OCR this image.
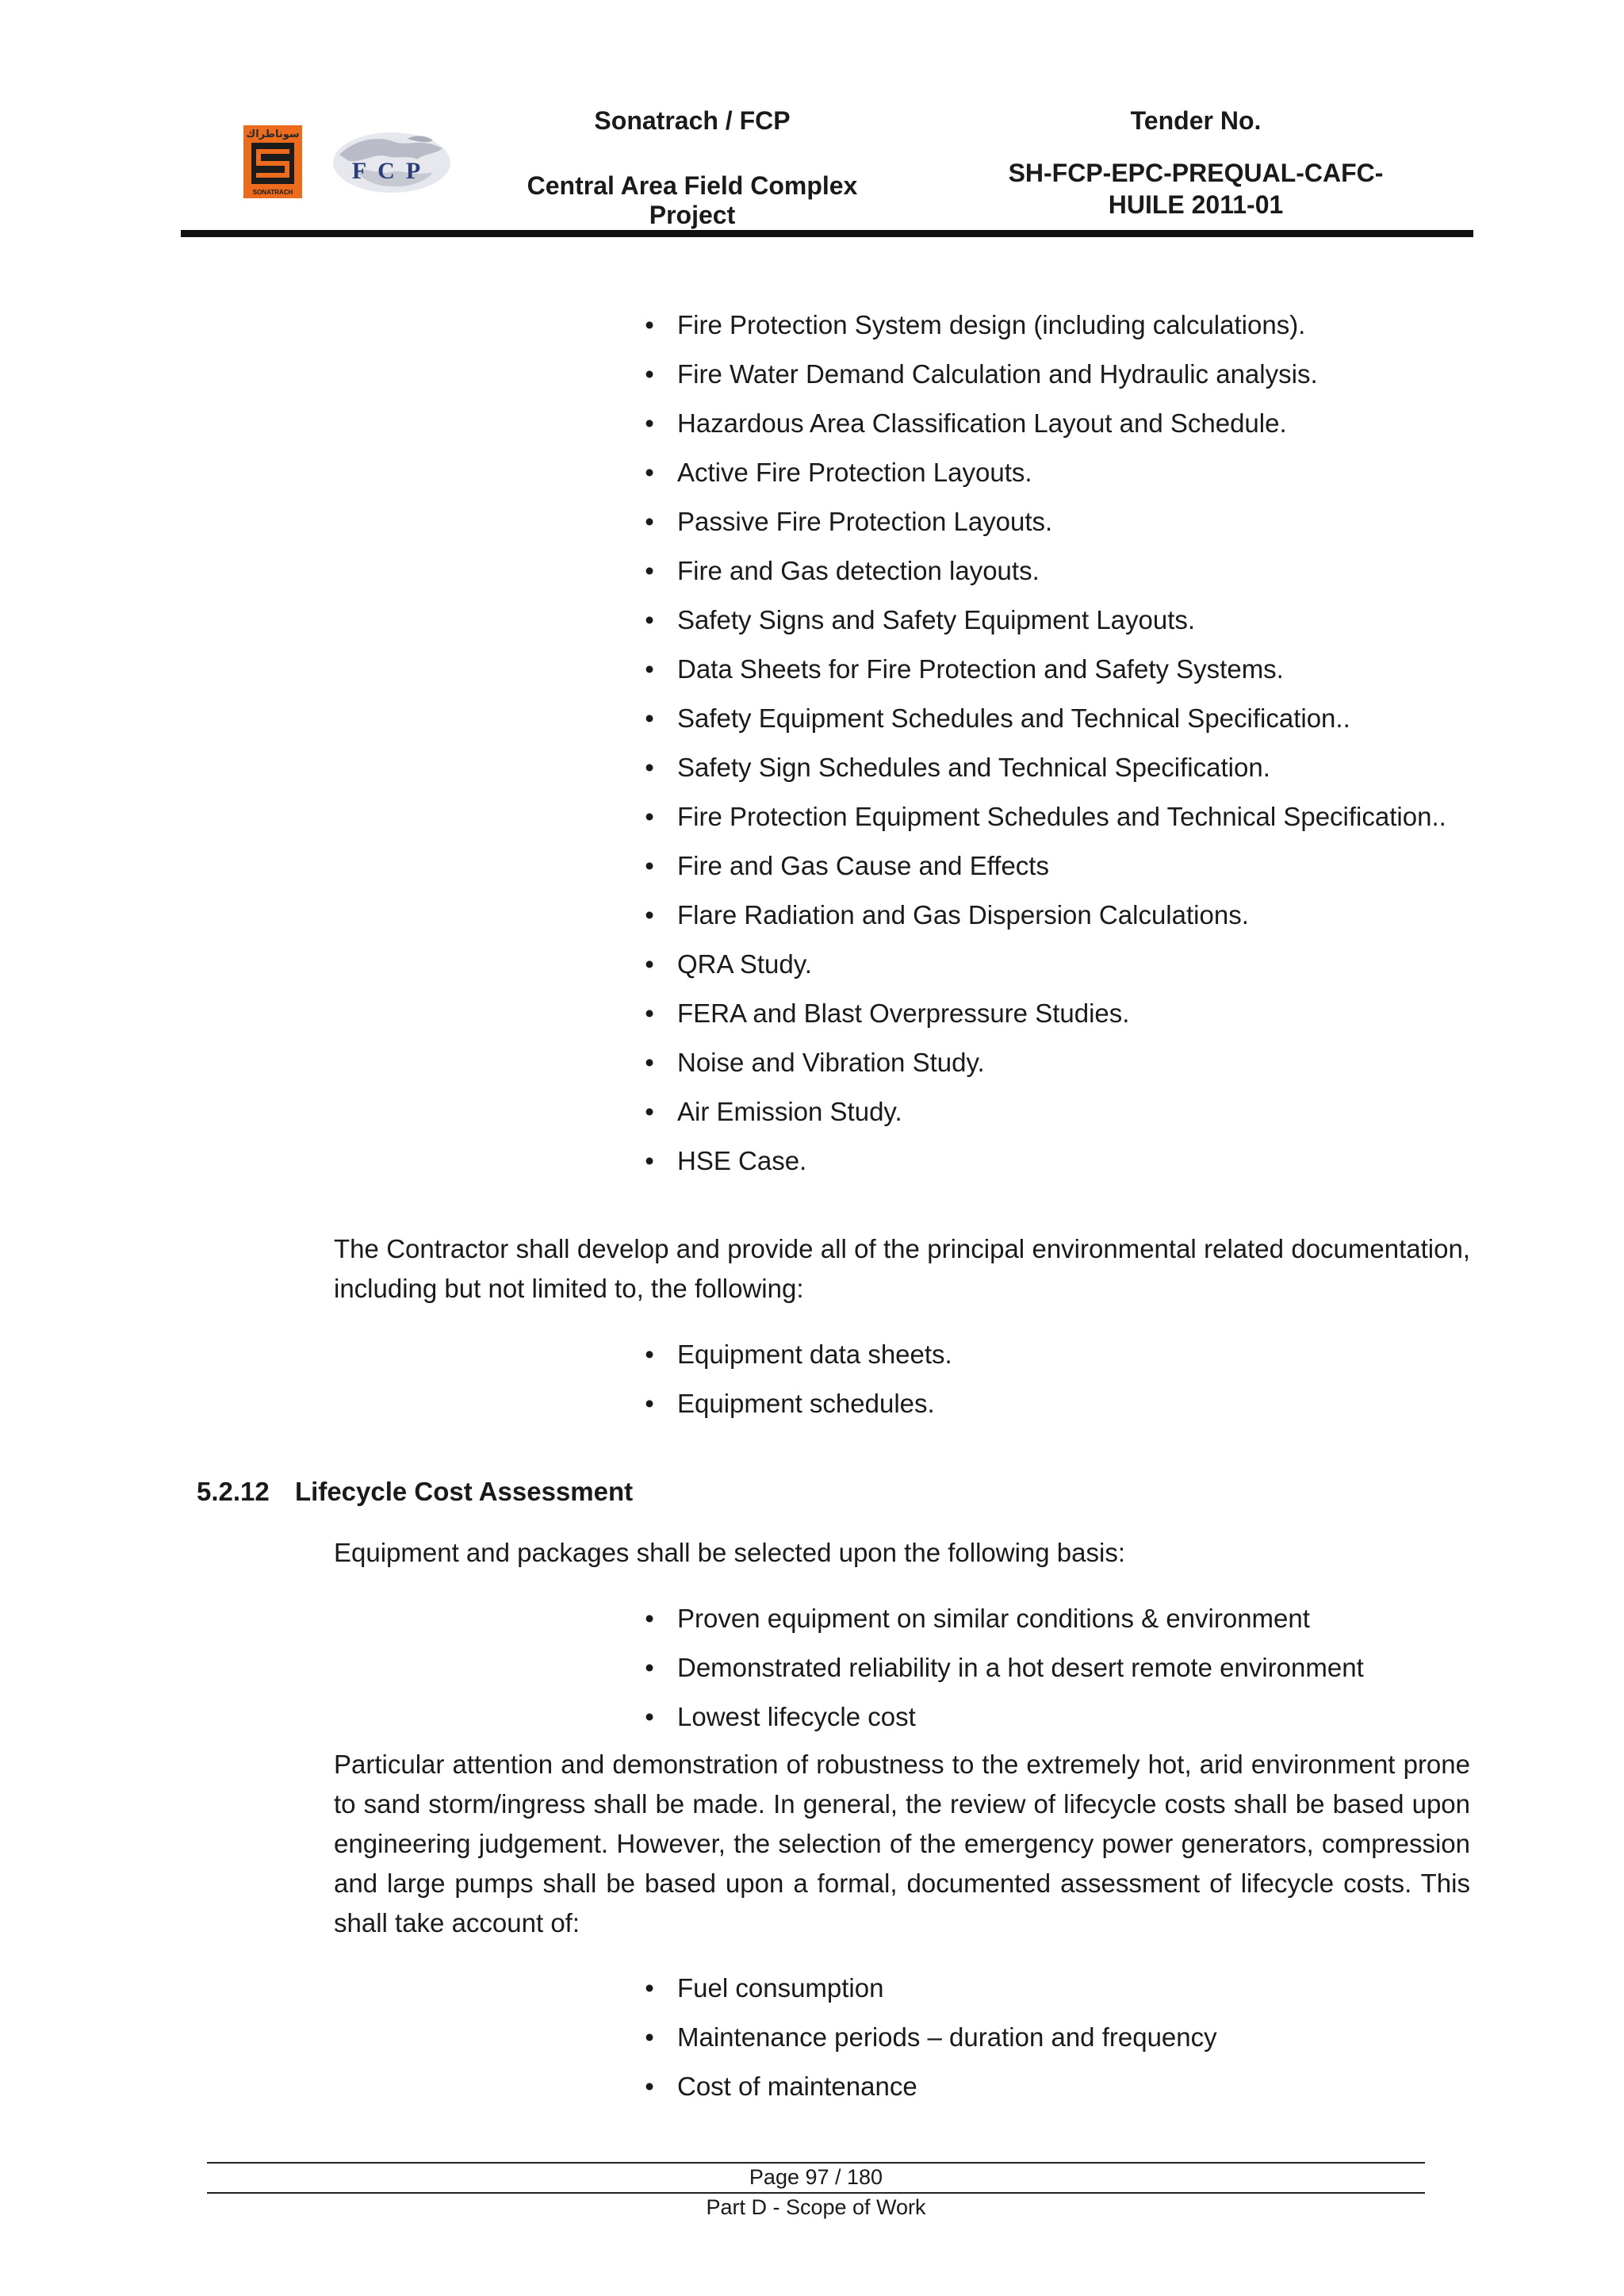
سوناطراك
SONATRACH
FCP
Sonatrach / FCP
Central Area Field Complex Project
Tender No.
SH-FCP-EPC-PREQUAL-CAFC-
HUILE 2011-01
• Fire Protection System design (including calculations).
• Fire Water Demand Calculation and Hydraulic analysis.
• Hazardous Area Classification Layout and Schedule.
• Active Fire Protection Layouts.
• Passive Fire Protection Layouts.
• Fire and Gas detection layouts.
• Safety Signs and Safety Equipment Layouts.
• Data Sheets for Fire Protection and Safety Systems.
• Safety Equipment Schedules and Technical Specification..
• Safety Sign Schedules and Technical Specification.
• Fire Protection Equipment Schedules and Technical Specification..
• Fire and Gas Cause and Effects
• Flare Radiation and Gas Dispersion Calculations.
• QRA Study.
• FERA and Blast Overpressure Studies.
• Noise and Vibration Study.
• Air Emission Study.
• HSE Case.

The Contractor shall develop and provide all of the principal environmental related documentation, including but not limited to, the following:

• Equipment data sheets.
• Equipment schedules.
5.2.12 Lifecycle Cost Assessment

Equipment and packages shall be selected upon the following basis:

• Proven equipment on similar conditions & environment
• Demonstrated reliability in a hot desert remote environment
• Lowest lifecycle cost

Particular attention and demonstration of robustness to the extremely hot, arid environment prone to sand storm/ingress shall be made. In general, the review of lifecycle costs shall be based upon engineering judgement. However, the selection of the emergency power generators, compression and large pumps shall be based upon a formal, documented assessment of lifecycle costs. This shall take account of:

• Fuel consumption
• Maintenance periods – duration and frequency
• Cost of maintenance
Page 97 / 180
Part D - Scope of Work
